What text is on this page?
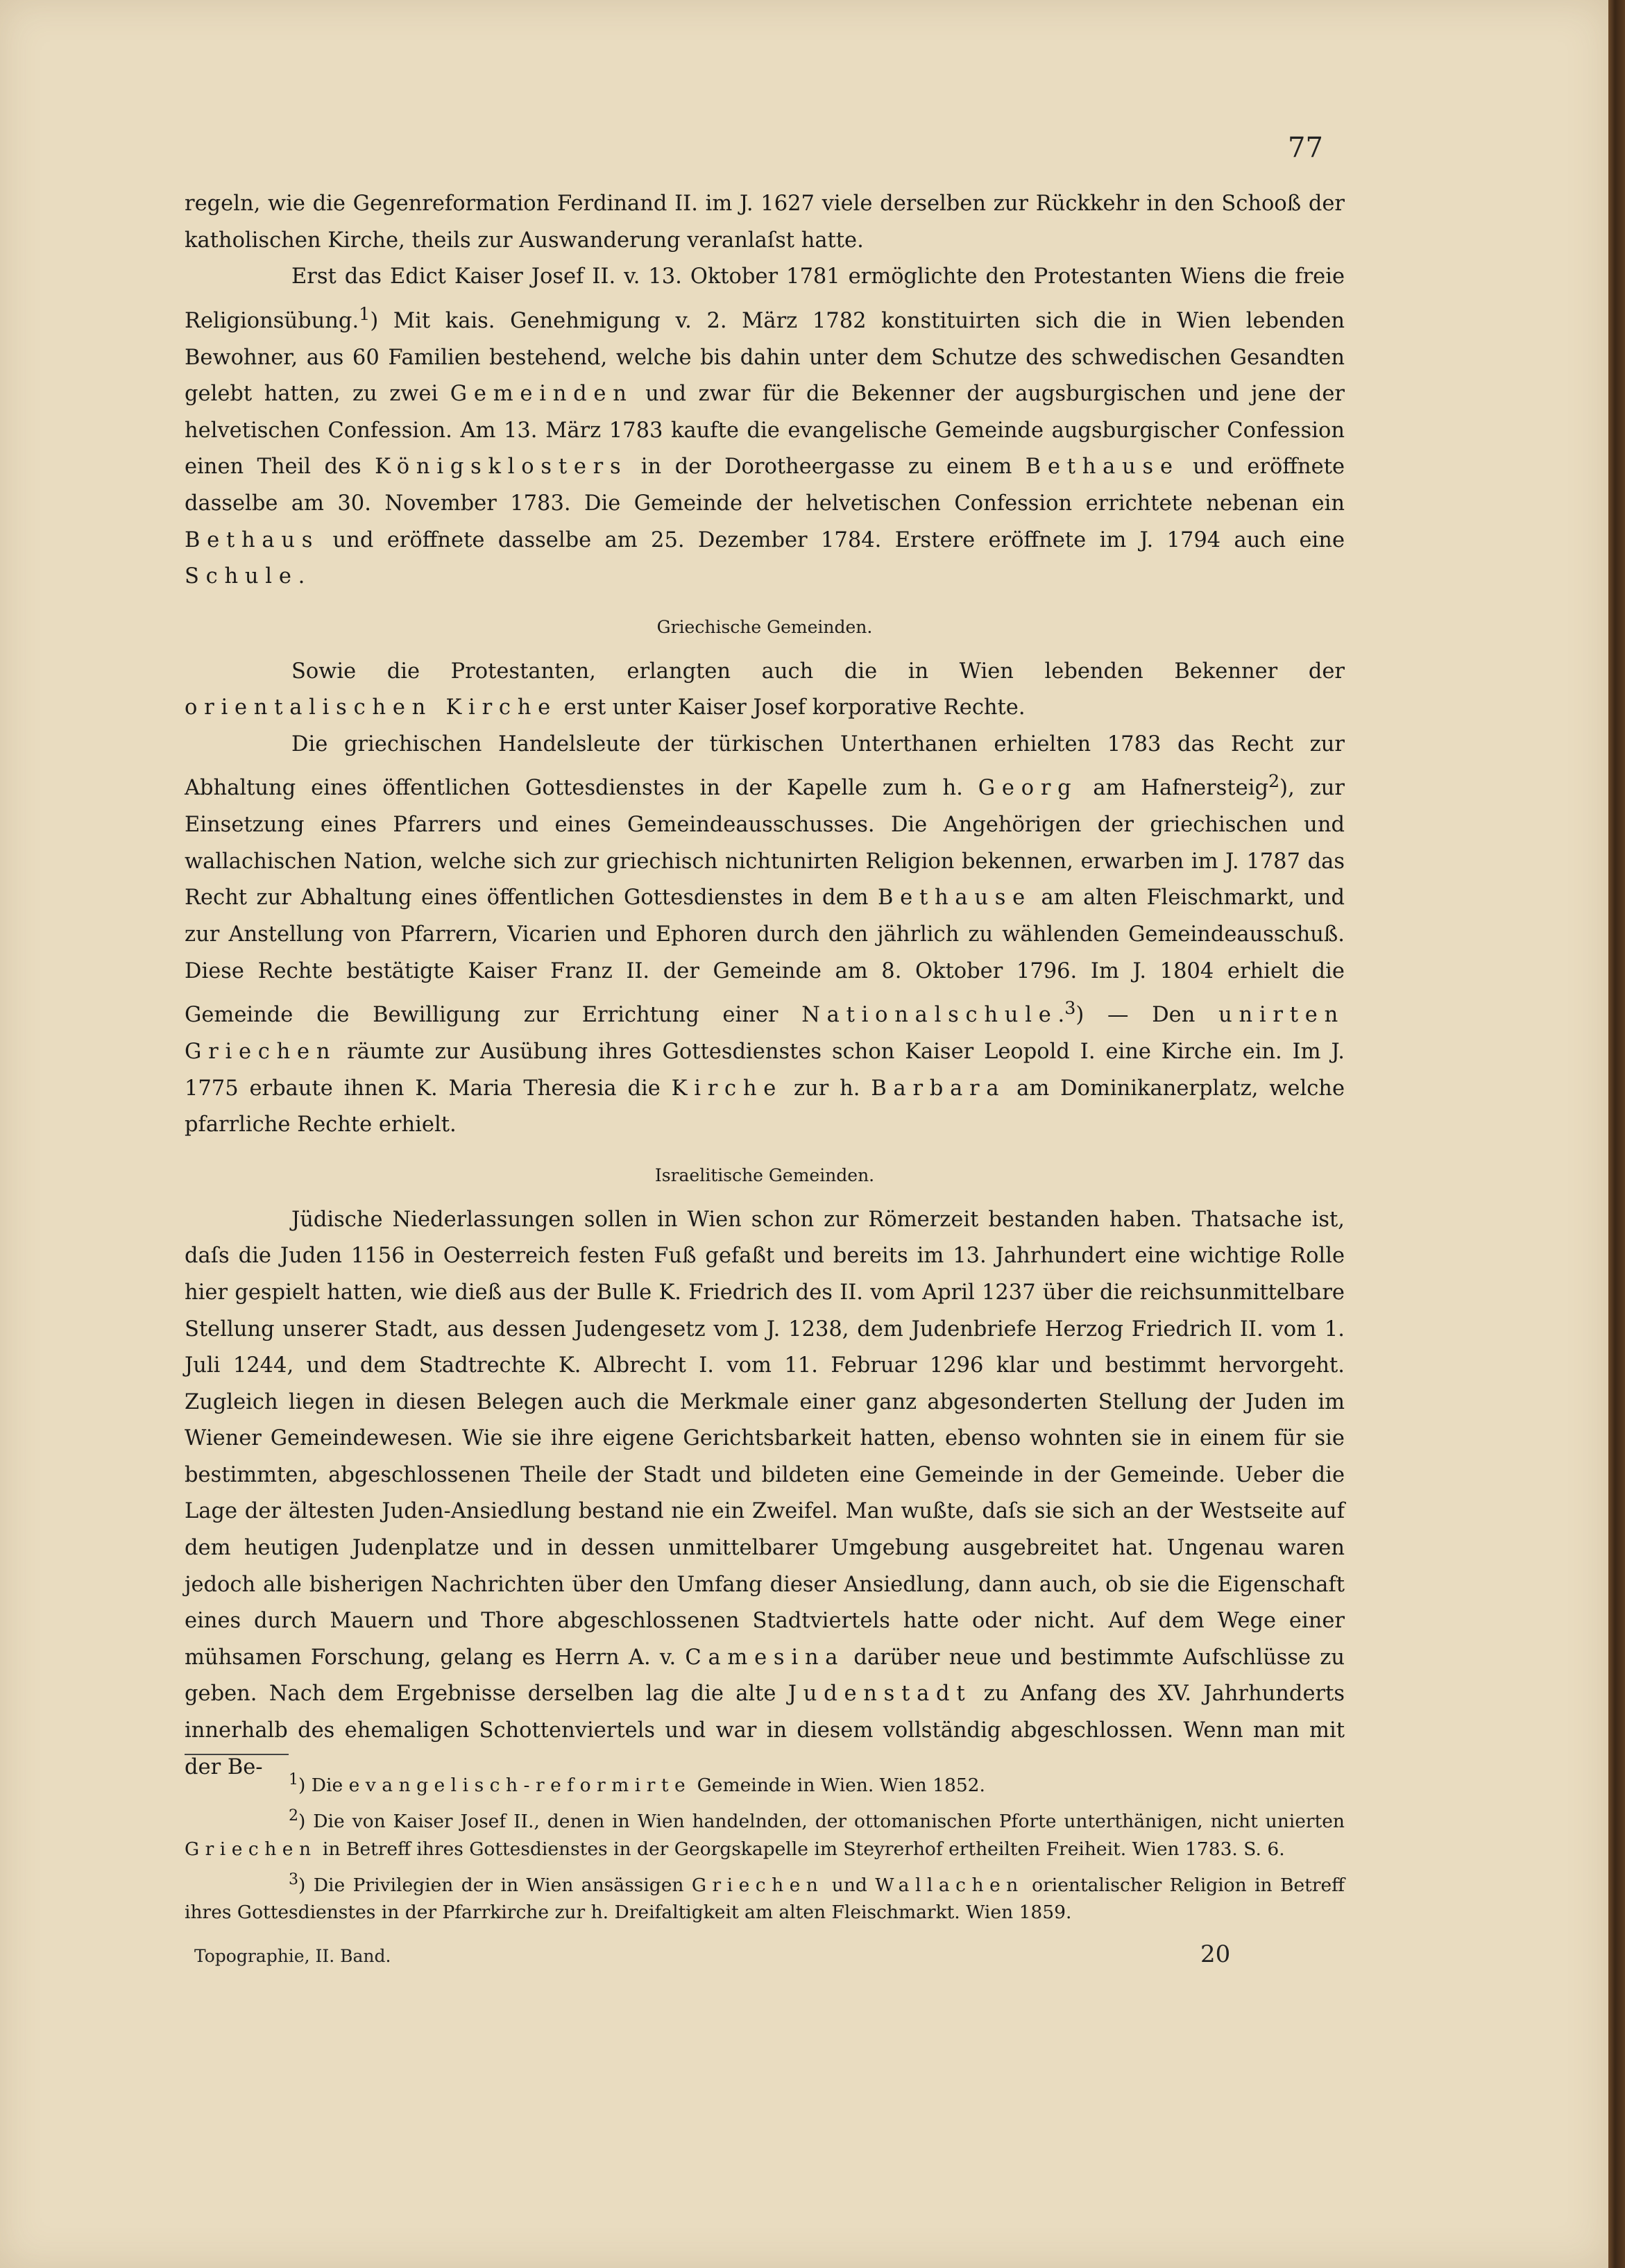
77

regeln, wie die Gegenreformation Ferdinand II. im J. 1627 viele derselben zur Rückkehr in den Schooß der katholischen Kirche, theils zur Auswanderung veranlaſst hatte.

Erst das Edict Kaiser Josef II. v. 13. Oktober 1781 ermöglichte den Protestanten Wiens die freie Religionsübung.$^1$) Mit kais. Genehmigung v. 2. März 1782 konstituirten sich die in Wien lebenden Bewohner, aus 60 Familien bestehend, welche bis dahin unter dem Schutze des schwedischen Gesandten gelebt hatten, zu zwei Gemeinden und zwar für die Bekenner der augsburgischen und jene der helvetischen Confession. Am 13. März 1783 kaufte die evangelische Gemeinde augsburgischer Confession einen Theil des Königsklosters in der Dorotheergasse zu einem Bethause und eröffnete dasselbe am 30. November 1783. Die Gemeinde der helvetischen Confession errichtete nebenan ein Bethaus und eröffnete dasselbe am 25. Dezember 1784. Erstere eröffnete im J. 1794 auch eine Schule.

Griechische Gemeinden.

Sowie die Protestanten, erlangten auch die in Wien lebenden Bekenner der orientalischen Kirche erst unter Kaiser Josef korporative Rechte.

Die griechischen Handelsleute der türkischen Unterthanen erhielten 1783 das Recht zur Abhaltung eines öffentlichen Gottesdienstes in der Kapelle zum h. Georg am Hafnersteig$^2$), zur Einsetzung eines Pfarrers und eines Gemeindeausschusses. Die Angehörigen der griechischen und wallachischen Nation, welche sich zur griechisch nichtunirten Religion bekennen, erwarben im J. 1787 das Recht zur Abhaltung eines öffentlichen Gottesdienstes in dem Bethause am alten Fleischmarkt, und zur Anstellung von Pfarrern, Vicarien und Ephoren durch den jährlich zu wählenden Gemeindeausschuß. Diese Rechte bestätigte Kaiser Franz II. der Gemeinde am 8. Oktober 1796. Im J. 1804 erhielt die Gemeinde die Bewilligung zur Errichtung einer Nationalschule.$^3$) — Den unirten Griechen räumte zur Ausübung ihres Gottesdienstes schon Kaiser Leopold I. eine Kirche ein. Im J. 1775 erbaute ihnen K. Maria Theresia die Kirche zur h. Barbara am Dominikanerplatz, welche pfarrliche Rechte erhielt.

Israelitische Gemeinden.

Jüdische Niederlassungen sollen in Wien schon zur Römerzeit bestanden haben. Thatsache ist, daſs die Juden 1156 in Oesterreich festen Fuß gefaßt und bereits im 13. Jahrhundert eine wichtige Rolle hier gespielt hatten, wie dieß aus der Bulle K. Friedrich des II. vom April 1237 über die reichsunmittelbare Stellung unserer Stadt, aus dessen Judengesetz vom J. 1238, dem Judenbriefe Herzog Friedrich II. vom 1. Juli 1244, und dem Stadtrechte K. Albrecht I. vom 11. Februar 1296 klar und bestimmt hervorgeht. Zugleich liegen in diesen Belegen auch die Merkmale einer ganz abgesonderten Stellung der Juden im Wiener Gemeindewesen. Wie sie ihre eigene Gerichtsbarkeit hatten, ebenso wohnten sie in einem für sie bestimmten, abgeschlossenen Theile der Stadt und bildeten eine Gemeinde in der Gemeinde. Ueber die Lage der ältesten Juden-Ansiedlung bestand nie ein Zweifel. Man wußte, daſs sie sich an der Westseite auf dem heutigen Judenplatze und in dessen unmittelbarer Umgebung ausgebreitet hat. Ungenau waren jedoch alle bisherigen Nachrichten über den Umfang dieser Ansiedlung, dann auch, ob sie die Eigenschaft eines durch Mauern und Thore abgeschlossenen Stadtviertels hatte oder nicht. Auf dem Wege einer mühsamen Forschung, gelang es Herrn A. v. Camesina darüber neue und bestimmte Aufschlüsse zu geben. Nach dem Ergebnisse derselben lag die alte Judenstadt zu Anfang des XV. Jahrhunderts innerhalb des ehemaligen Schottenviertels und war in diesem vollständig abgeschlossen. Wenn man mit der Be-

$^1$) Die evangelisch-reformirte Gemeinde in Wien. Wien 1852.

$^2$) Die von Kaiser Josef II., denen in Wien handelnden, der ottomanischen Pforte unterthänigen, nicht unierten Griechen in Betreff ihres Gottesdienstes in der Georgskapelle im Steyrerhof ertheilten Freiheit. Wien 1783. S. 6.

$^3$) Die Privilegien der in Wien ansässigen Griechen und Wallachen orientalischer Religion in Betreff ihres Gottesdienstes in der Pfarrkirche zur h. Dreifaltigkeit am alten Fleischmarkt. Wien 1859.

Topographie, II. Band.	20
